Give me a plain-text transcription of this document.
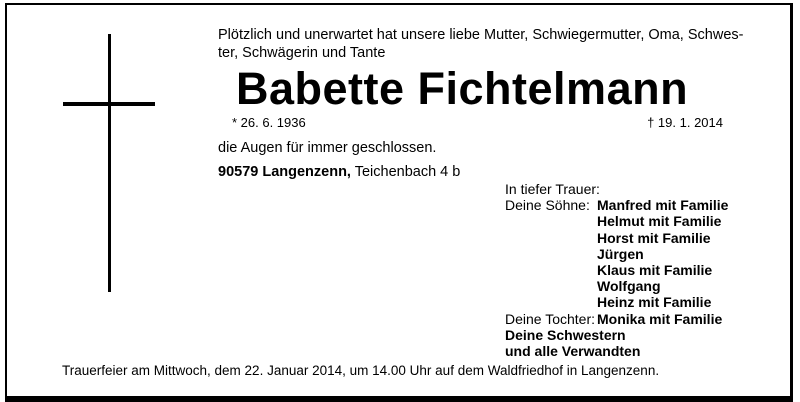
Plötzlich und unerwartet hat unsere liebe Mutter, Schwiegermutter, Oma, Schwes-
ter, Schwägerin und Tante
Babette Fichtelmann
* 26. 6. 1936	† 19. 1. 2014
die Augen für immer geschlossen.
90579 Langenzenn, Teichenbach 4 b
In tiefer Trauer:
Deine Söhne: Manfred mit Familie
Helmut mit Familie
Horst mit Familie
Jürgen
Klaus mit Familie
Wolfgang
Heinz mit Familie
Deine Tochter: Monika mit Familie
Deine Schwestern
und alle Verwandten
Trauerfeier am Mittwoch, dem 22. Januar 2014, um 14.00 Uhr auf dem Waldfriedhof in Langenzenn.
